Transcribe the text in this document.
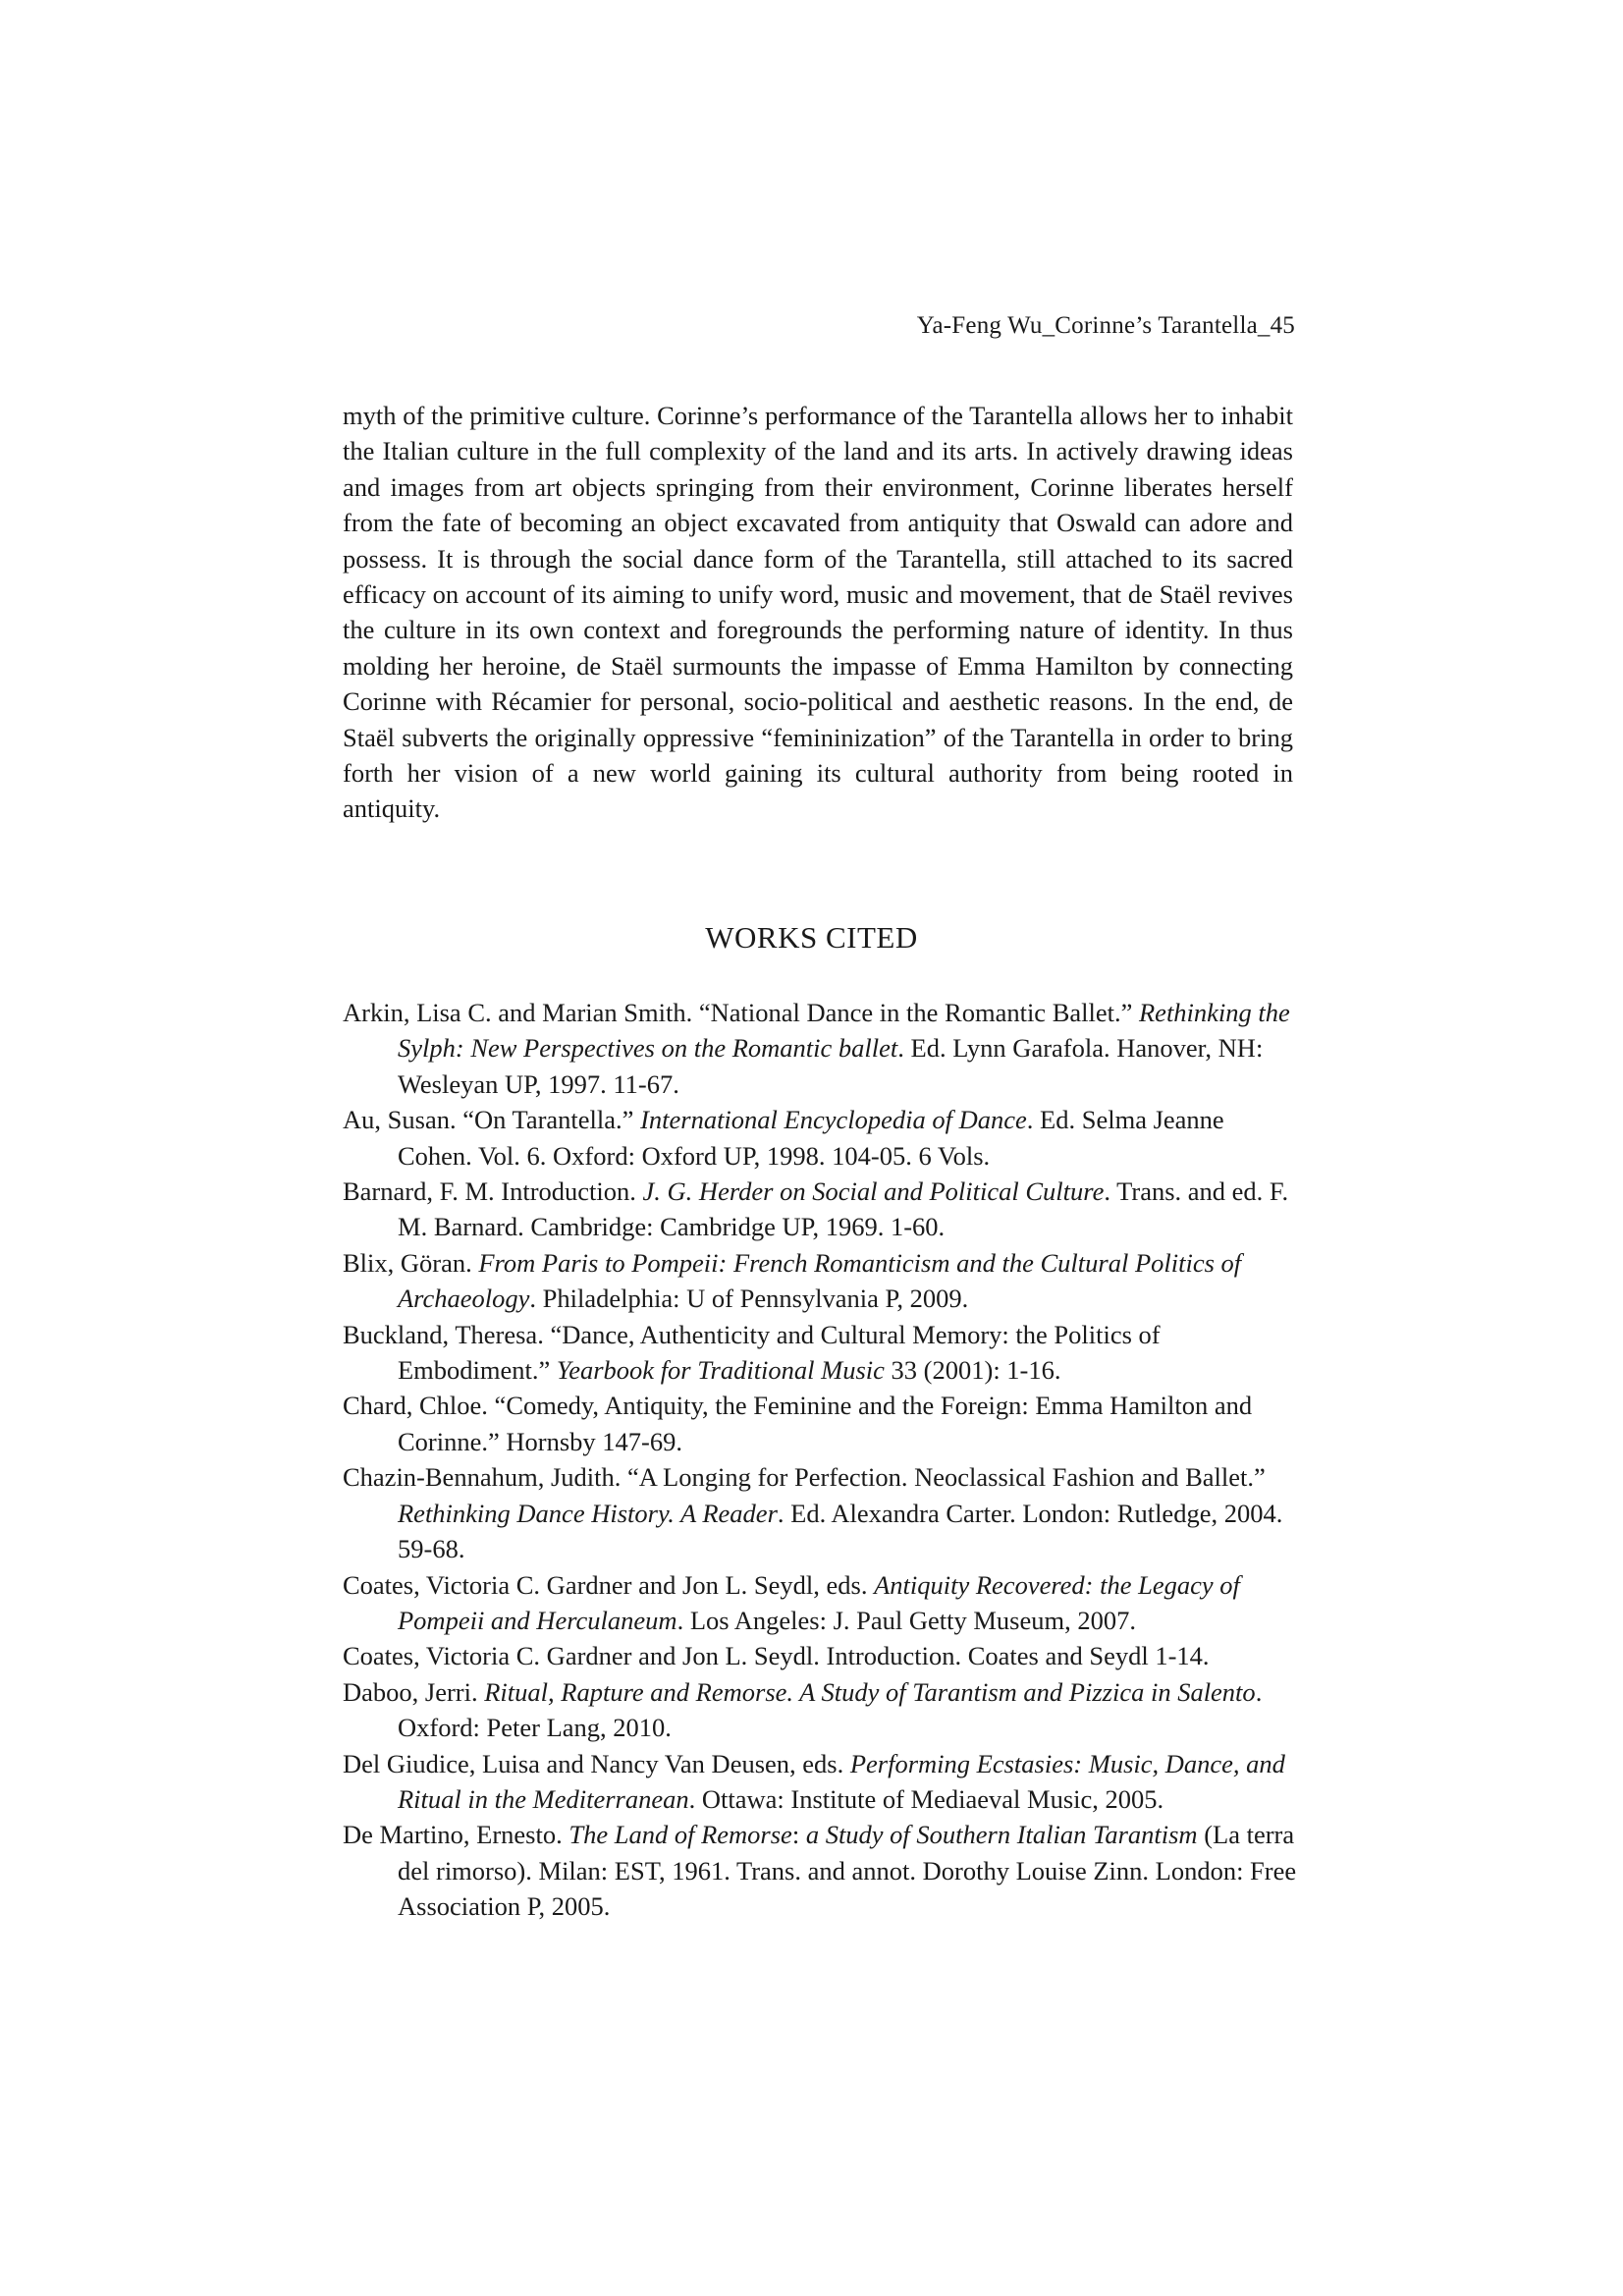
Ya-Feng Wu_Corinne’s Tarantella_45

myth of the primitive culture. Corinne’s performance of the Tarantella allows her to inhabit the Italian culture in the full complexity of the land and its arts. In actively drawing ideas and images from art objects springing from their environment, Corinne liberates herself from the fate of becoming an object excavated from antiquity that Oswald can adore and possess. It is through the social dance form of the Tarantella, still attached to its sacred efficacy on account of its aiming to unify word, music and movement, that de Staël revives the culture in its own context and foregrounds the performing nature of identity. In thus molding her heroine, de Staël surmounts the impasse of Emma Hamilton by connecting Corinne with Récamier for personal, socio-political and aesthetic reasons. In the end, de Staël subverts the originally oppressive “femininization” of the Tarantella in order to bring forth her vision of a new world gaining its cultural authority from being rooted in antiquity.

WORKS CITED
Arkin, Lisa C. and Marian Smith. “National Dance in the Romantic Ballet.” Rethinking the Sylph: New Perspectives on the Romantic ballet. Ed. Lynn Garafola. Hanover, NH: Wesleyan UP, 1997. 11-67.
Au, Susan. “On Tarantella.” International Encyclopedia of Dance. Ed. Selma Jeanne Cohen. Vol. 6. Oxford: Oxford UP, 1998. 104-05. 6 Vols.
Barnard, F. M. Introduction. J. G. Herder on Social and Political Culture. Trans. and ed. F. M. Barnard. Cambridge: Cambridge UP, 1969. 1-60.
Blix, Göran. From Paris to Pompeii: French Romanticism and the Cultural Politics of Archaeology. Philadelphia: U of Pennsylvania P, 2009.
Buckland, Theresa. “Dance, Authenticity and Cultural Memory: the Politics of Embodiment.” Yearbook for Traditional Music 33 (2001): 1-16.
Chard, Chloe. “Comedy, Antiquity, the Feminine and the Foreign: Emma Hamilton and Corinne.” Hornsby 147-69.
Chazin-Bennahum, Judith. “A Longing for Perfection. Neoclassical Fashion and Ballet.” Rethinking Dance History. A Reader. Ed. Alexandra Carter. London: Rutledge, 2004. 59-68.
Coates, Victoria C. Gardner and Jon L. Seydl, eds. Antiquity Recovered: the Legacy of Pompeii and Herculaneum. Los Angeles: J. Paul Getty Museum, 2007.
Coates, Victoria C. Gardner and Jon L. Seydl. Introduction. Coates and Seydl 1-14.
Daboo, Jerri. Ritual, Rapture and Remorse. A Study of Tarantism and Pizzica in Salento. Oxford: Peter Lang, 2010.
Del Giudice, Luisa and Nancy Van Deusen, eds. Performing Ecstasies: Music, Dance, and Ritual in the Mediterranean. Ottawa: Institute of Mediaeval Music, 2005.
De Martino, Ernesto. The Land of Remorse: a Study of Southern Italian Tarantism (La terra del rimorso). Milan: EST, 1961. Trans. and annot. Dorothy Louise Zinn. London: Free Association P, 2005.
